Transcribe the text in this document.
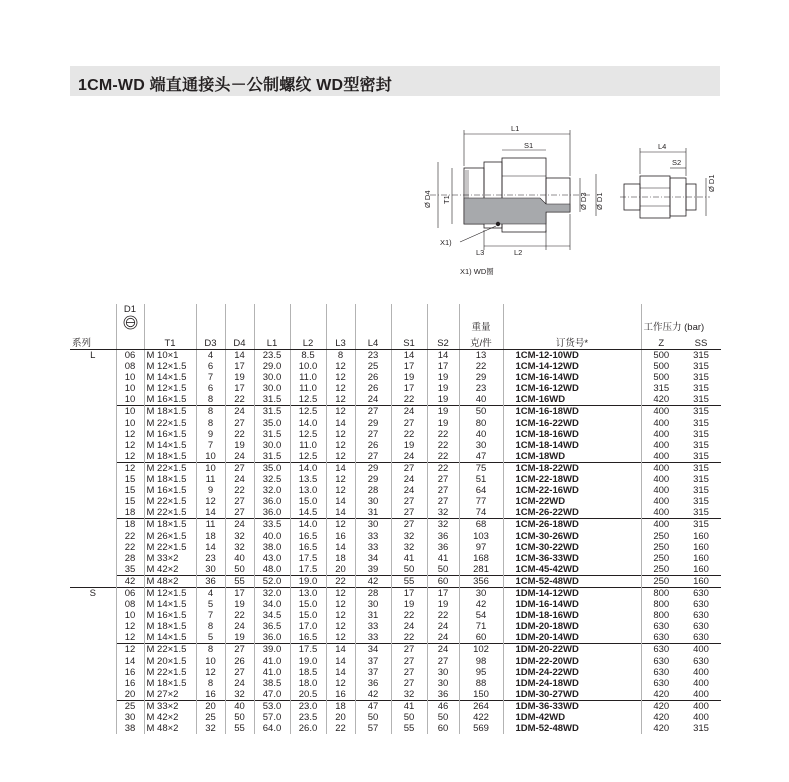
1CM-WD 端直通接头－公制螺纹 WD型密封
L1
S1
Ø D4 T1	Ø D3 Ø D1
X1)
L3	L2
L4
S2
Ø D1
X1) WD圈

	D1										重量		工作压力 (bar)	
系列		T1	D3	D4	L1	L2	L3	L4	S1	S2	克/件	订货号*	Z	SS
L	06	M 10×1	4	14	23.5	8.5	8	23	14	14	13	1CM-12-10WD	500	315
	08	M 12×1.5	6	17	29.0	10.0	12	25	17	17	22	1CM-14-12WD	500	315
	10	M 14×1.5	7	19	30.0	11.0	12	26	19	19	29	1CM-16-14WD	500	315
	10	M 12×1.5	6	17	30.0	11.0	12	26	17	19	23	1CM-16-12WD	315	315
	10	M 16×1.5	8	22	31.5	12.5	12	24	22	19	40	1CM-16WD	420	315
	10	M 18×1.5	8	24	31.5	12.5	12	27	24	19	50	1CM-16-18WD	400	315
	10	M 22×1.5	8	27	35.0	14.0	14	29	27	19	80	1CM-16-22WD	400	315
	12	M 16×1.5	9	22	31.5	12.5	12	27	22	22	40	1CM-18-16WD	400	315
	12	M 14×1.5	7	19	30.0	11.0	12	26	19	22	30	1CM-18-14WD	400	315
	12	M 18×1.5	10	24	31.5	12.5	12	27	24	22	47	1CM-18WD	400	315
	12	M 22×1.5	10	27	35.0	14.0	14	29	27	22	75	1CM-18-22WD	400	315
	15	M 18×1.5	11	24	32.5	13.5	12	29	24	27	51	1CM-22-18WD	400	315
	15	M 16×1.5	9	22	32.0	13.0	12	28	24	27	64	1CM-22-16WD	400	315
	15	M 22×1.5	12	27	36.0	15.0	14	30	27	27	77	1CM-22WD	400	315
	18	M 22×1.5	14	27	36.0	14.5	14	31	27	32	74	1CM-26-22WD	400	315
	18	M 18×1.5	11	24	33.5	14.0	12	30	27	32	68	1CM-26-18WD	400	315
	22	M 26×1.5	18	32	40.0	16.5	16	33	32	36	103	1CM-30-26WD	250	160
	22	M 22×1.5	14	32	38.0	16.5	14	33	32	36	97	1CM-30-22WD	250	160
	28	M 33×2	23	40	43.0	17.5	18	34	41	41	168	1CM-36-33WD	250	160
	35	M 42×2	30	50	48.0	17.5	20	39	50	50	281	1CM-45-42WD	250	160
	42	M 48×2	36	55	52.0	19.0	22	42	55	60	356	1CM-52-48WD	250	160
S	06	M 12×1.5	4	17	32.0	13.0	12	28	17	17	30	1DM-14-12WD	800	630
	08	M 14×1.5	5	19	34.0	15.0	12	30	19	19	42	1DM-16-14WD	800	630
	10	M 16×1.5	7	22	34.5	15.0	12	31	22	22	54	1DM-18-16WD	800	630
	12	M 18×1.5	8	24	36.5	17.0	12	33	24	24	71	1DM-20-18WD	630	630
	12	M 14×1.5	5	19	36.0	16.5	12	33	22	24	60	1DM-20-14WD	630	630
	12	M 22×1.5	8	27	39.0	17.5	14	34	27	24	102	1DM-20-22WD	630	400
	14	M 20×1.5	10	26	41.0	19.0	14	37	27	27	98	1DM-22-20WD	630	630
	16	M 22×1.5	12	27	41.0	18.5	14	37	27	30	95	1DM-24-22WD	630	400
	16	M 18×1.5	8	24	38.5	18.0	12	36	27	30	88	1DM-24-18WD	630	400
	20	M 27×2	16	32	47.0	20.5	16	42	32	36	150	1DM-30-27WD	420	400
	25	M 33×2	20	40	53.0	23.0	18	47	41	46	264	1DM-36-33WD	420	400
	30	M 42×2	25	50	57.0	23.5	20	50	50	50	422	1DM-42WD	420	400
	38	M 48×2	32	55	64.0	26.0	22	57	55	60	569	1DM-52-48WD	420	315
